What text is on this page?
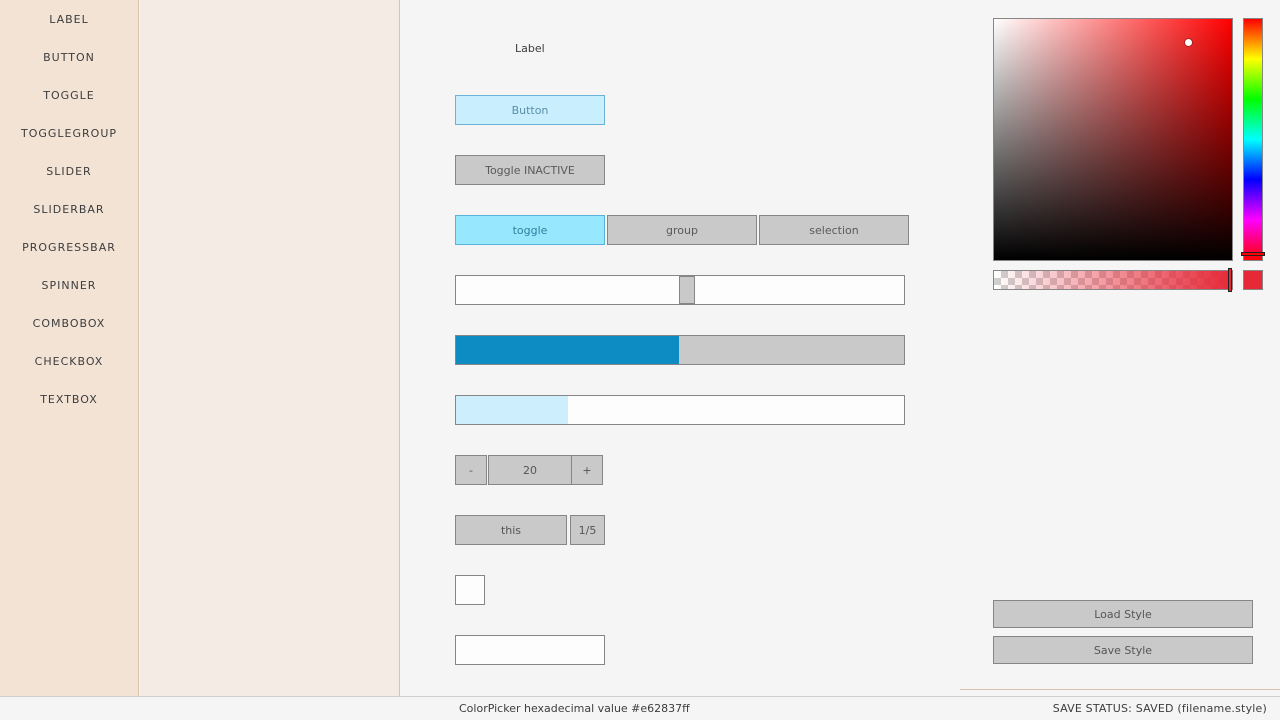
LABEL
BUTTON
TOGGLE
TOGGLEGROUP
SLIDER
SLIDERBAR
PROGRESSBAR
SPINNER
COMBOBOX
CHECKBOX
TEXTBOX
Label
Button
Toggle INACTIVE
toggle	group	selection
-	20	+
this	1/5
Load Style
Save Style
ColorPicker hexadecimal value #e62837ff	SAVE STATUS: SAVED (filename.style)
